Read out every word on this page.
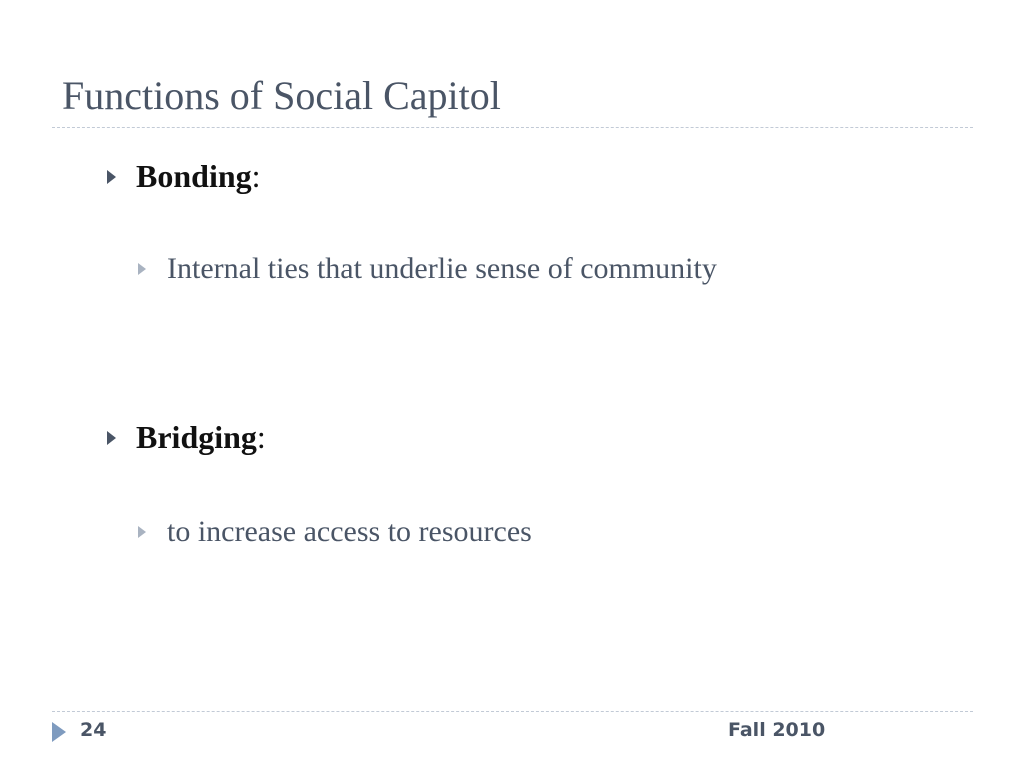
Functions of Social Capitol
Bonding:
Internal ties that underlie sense of community
Bridging:
to increase access to resources
24	Fall 2010
